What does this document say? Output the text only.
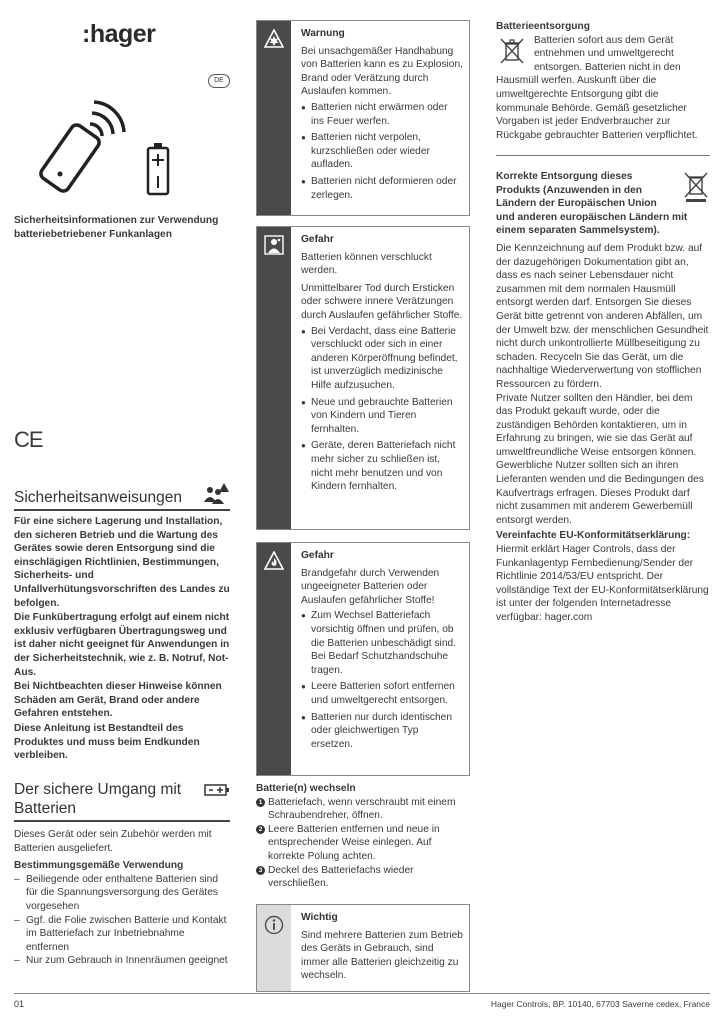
:hager
DE
Sicherheitsinformationen zur Verwendung batteriebetriebener Funkanlagen
CE
Sicherheitsanweisungen

Für eine sichere Lagerung und Installation, den sicheren Betrieb und die Wartung des Gerätes sowie deren Entsorgung sind die einschlägigen Richtlinien, Bestimmungen, Sicherheits- und Unfallverhütungsvorschriften des Landes zu befolgen.

Die Funkübertragung erfolgt auf einem nicht exklusiv verfügbaren Übertragungsweg und ist daher nicht geeignet für Anwendungen in der Sicherheitstechnik, wie z. B. Notruf, Not-Aus.

Bei Nichtbeachten dieser Hinweise können Schäden am Gerät, Brand oder andere Gefahren entstehen.

Diese Anleitung ist Bestandteil des Produktes und muss beim Endkunden verbleiben.

Der sichere Umgang mit Batterien

Dieses Gerät oder sein Zubehör werden mit Batterien ausgeliefert.

Bestimmungsgemäße Verwendung

– Beiliegende oder enthaltene Batterien sind für die Spannungsversorgung des Gerätes vorgesehen
– Ggf. die Folie zwischen Batterie und Kontakt im Batteriefach zur Inbetriebnahme entfernen
– Nur zum Gebrauch in Innenräumen geeignet
Warnung

Bei unsachgemäßer Handhabung von Batterien kann es zu Explosion, Brand oder Verätzung durch Auslaufen kommen.

● Batterien nicht erwärmen oder ins Feuer werfen.
● Batterien nicht verpolen, kurzschließen oder wieder aufladen.
● Batterien nicht deformieren oder zerlegen.
Gefahr

Batterien können verschluckt werden.

Unmittelbarer Tod durch Ersticken oder schwere innere Verätzungen durch Auslaufen gefährlicher Stoffe.

● Bei Verdacht, dass eine Batterie verschluckt oder sich in einer anderen Körperöffnung befindet, ist unverzüglich medizinische Hilfe aufzusuchen.
● Neue und gebrauchte Batterien von Kindern und Tieren fernhalten.
● Geräte, deren Batteriefach nicht mehr sicher zu schließen ist, nicht mehr benutzen und von Kindern fernhalten.
Gefahr

Brandgefahr durch Verwenden ungeeigneter Batterien oder Auslaufen gefährlicher Stoffe!

● Zum Wechsel Batteriefach vorsichtig öffnen und prüfen, ob die Batterien unbeschädigt sind. Bei Bedarf Schutzhandschuhe tragen.
● Leere Batterien sofort entfernen und umweltgerecht entsorgen.
● Batterien nur durch identischen oder gleichwertigen Typ ersetzen.

Batterie(n) wechseln

1 Batteriefach, wenn verschraubt mit einem Schraubendreher, öffnen.
2 Leere Batterien entfernen und neue in entsprechender Weise einlegen. Auf korrekte Polung achten.
3 Deckel des Batteriefachs wieder verschließen.
Wichtig

Sind mehrere Batterien zum Betrieb des Geräts in Gebrauch, sind immer alle Batterien gleichzeitig zu wechseln.

Batterieentsorgung

Batterien sofort aus dem Gerät entnehmen und umweltgerecht entsorgen. Batterien nicht in den Hausmüll werfen. Auskunft über die umweltgerechte Entsorgung gibt die kommunale Behörde. Gemäß gesetzlicher Vorgaben ist jeder Endverbraucher zur Rückgabe gebrauchter Batterien verpflichtet.

Korrekte Entsorgung dieses Produkts (Anzuwenden in den Ländern der Europäischen Union und anderen europäischen Ländern mit einem separaten Sammelsystem).

Die Kennzeichnung auf dem Produkt bzw. auf der dazugehörigen Dokumentation gibt an, dass es nach seiner Lebensdauer nicht zusammen mit dem normalen Hausmüll entsorgt werden darf. Entsorgen Sie dieses Gerät bitte getrennt von anderen Abfällen, um der Umwelt bzw. der menschlichen Gesundheit nicht durch unkontrollierte Müllbeseitigung zu schaden. Recyceln Sie das Gerät, um die nachhaltige Wiederverwertung von stofflichen Ressourcen zu fördern.

Private Nutzer sollten den Händler, bei dem das Produkt gekauft wurde, oder die zuständigen Behörden kontaktieren, um in Erfahrung zu bringen, wie sie das Gerät auf umweltfreundliche Weise entsorgen können.

Gewerbliche Nutzer sollten sich an ihren Lieferanten wenden und die Bedingungen des Kaufvertrags erfragen. Dieses Produkt darf nicht zusammen mit anderem Gewerbemüll entsorgt werden.

Vereinfachte EU-Konformitätserklärung:

Hiermit erklärt Hager Controls, dass der Funkanlagentyp Fernbedienung/Sender der Richtlinie 2014/53/EU entspricht. Der vollständige Text der EU-Konformitätserklärung ist unter der folgenden Internetadresse verfügbar: hager.com

01	Hager Controls, BP. 10140, 67703 Saverne cedex, France
